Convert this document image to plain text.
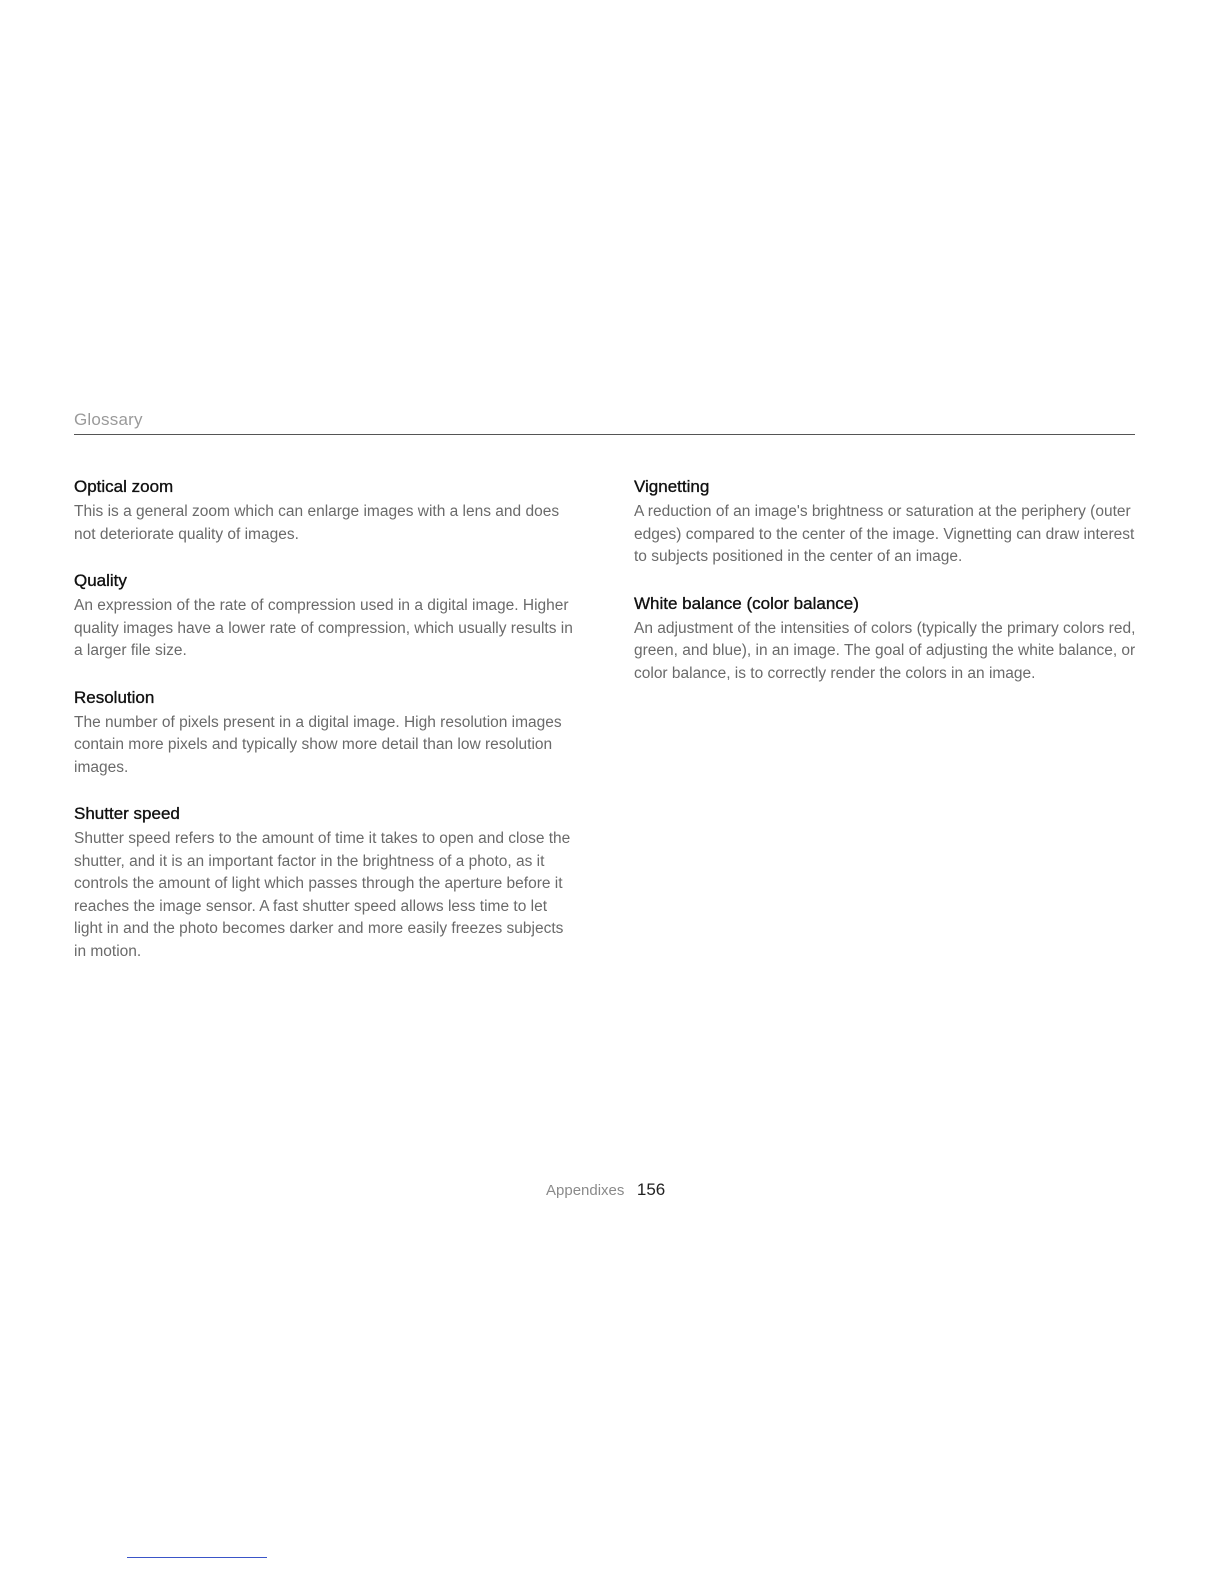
Glossary
Optical zoom

This is a general zoom which can enlarge images with a lens and does not deteriorate quality of images.

Quality

An expression of the rate of compression used in a digital image. Higher quality images have a lower rate of compression, which usually results in a larger file size.

Resolution

The number of pixels present in a digital image. High resolution images contain more pixels and typically show more detail than low resolution images.

Shutter speed

Shutter speed refers to the amount of time it takes to open and close the shutter, and it is an important factor in the brightness of a photo, as it controls the amount of light which passes through the aperture before it reaches the image sensor. A fast shutter speed allows less time to let light in and the photo becomes darker and more easily freezes subjects in motion.

Vignetting

A reduction of an image's brightness or saturation at the periphery (outer edges) compared to the center of the image. Vignetting can draw interest to subjects positioned in the center of an image.

White balance (color balance)

An adjustment of the intensities of colors (typically the primary colors red, green, and blue), in an image. The goal of adjusting the white balance, or color balance, is to correctly render the colors in an image.

Appendixes 156
